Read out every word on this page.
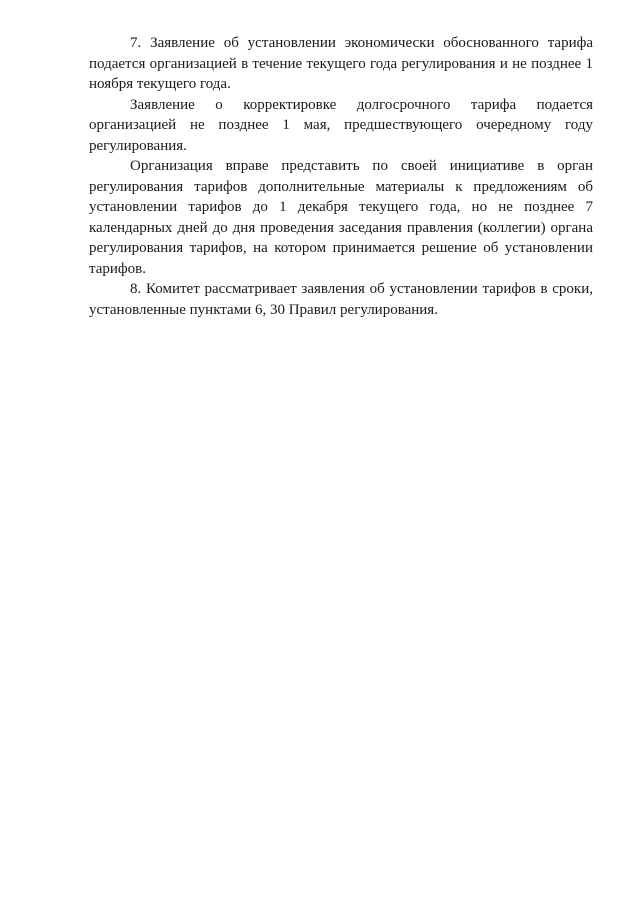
7. Заявление об установлении экономически обоснованного тарифа подается организацией в течение текущего года регулирования и не позднее 1 ноября текущего года.

Заявление о корректировке долгосрочного тарифа подается организацией не позднее 1 мая, предшествующего очередному году регулирования.

Организация вправе представить по своей инициативе в орган регулирования тарифов дополнительные материалы к предложениям об установлении тарифов до 1 декабря текущего года, но не позднее 7 календарных дней до дня проведения заседания правления (коллегии) органа регулирования тарифов, на котором принимается решение об установлении тарифов.

8. Комитет рассматривает заявления об установлении тарифов в сроки, установленные пунктами 6, 30 Правил регулирования.
